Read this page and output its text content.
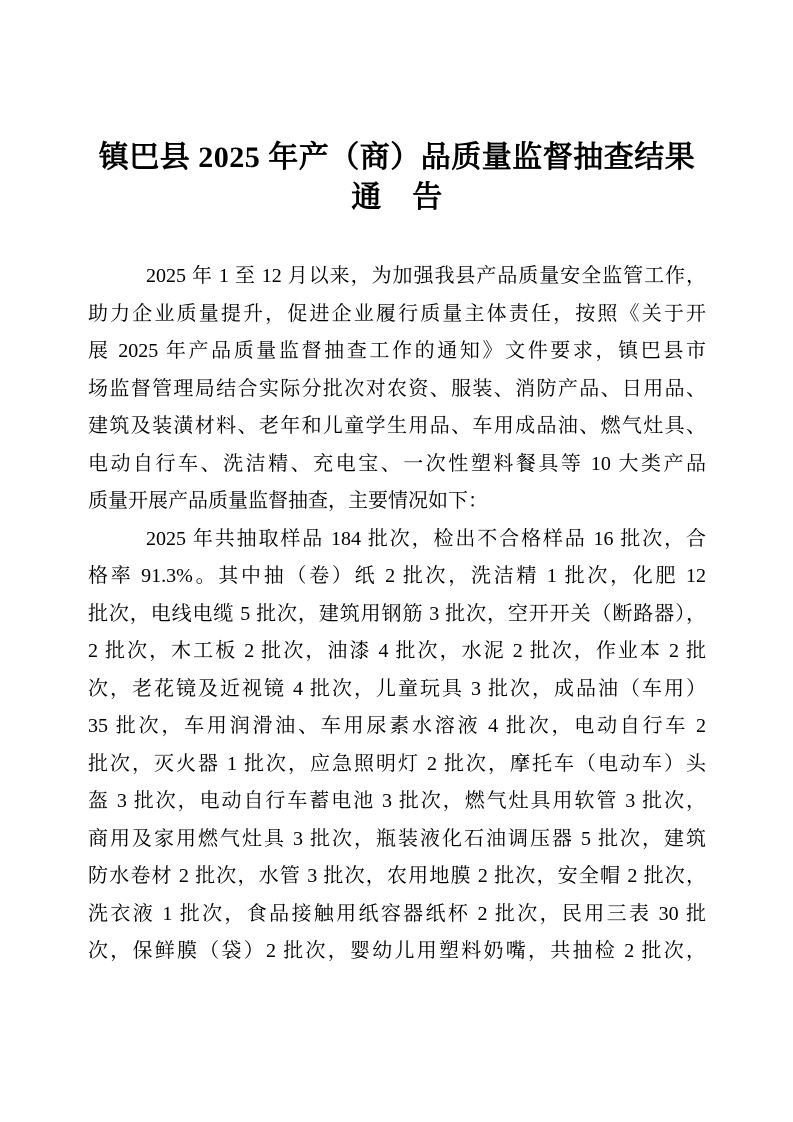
镇巴县 2025 年产（商）品质量监督抽查结果
通　告
2025 年 1 至 12 月以来，为加强我县产品质量安全监管工作，
助力企业质量提升，促进企业履行质量主体责任，按照《关于开
展 2025 年产品质量监督抽查工作的通知》文件要求，镇巴县市
场监督管理局结合实际分批次对农资、服装、消防产品、日用品、
建筑及装潢材料、老年和儿童学生用品、车用成品油、燃气灶具、
电动自行车、洗洁精、充电宝、一次性塑料餐具等 10 大类产品
质量开展产品质量监督抽查，主要情况如下：
2025 年共抽取样品 184 批次，检出不合格样品 16 批次，合
格率 91.3%。其中抽（卷）纸 2 批次，洗洁精 1 批次，化肥 12
批次，电线电缆 5 批次，建筑用钢筋 3 批次，空开开关（断路器），
2 批次，木工板 2 批次，油漆 4 批次，水泥 2 批次，作业本 2 批
次，老花镜及近视镜 4 批次，儿童玩具 3 批次，成品油（车用）
35 批次，车用润滑油、车用尿素水溶液 4 批次，电动自行车 2
批次，灭火器 1 批次，应急照明灯 2 批次，摩托车（电动车）头
盔 3 批次，电动自行车蓄电池 3 批次，燃气灶具用软管 3 批次，
商用及家用燃气灶具 3 批次，瓶装液化石油调压器 5 批次，建筑
防水卷材 2 批次，水管 3 批次，农用地膜 2 批次，安全帽 2 批次，
洗衣液 1 批次，食品接触用纸容器纸杯 2 批次，民用三表 30 批
次，保鲜膜（袋）2 批次，婴幼儿用塑料奶嘴，共抽检 2 批次，
